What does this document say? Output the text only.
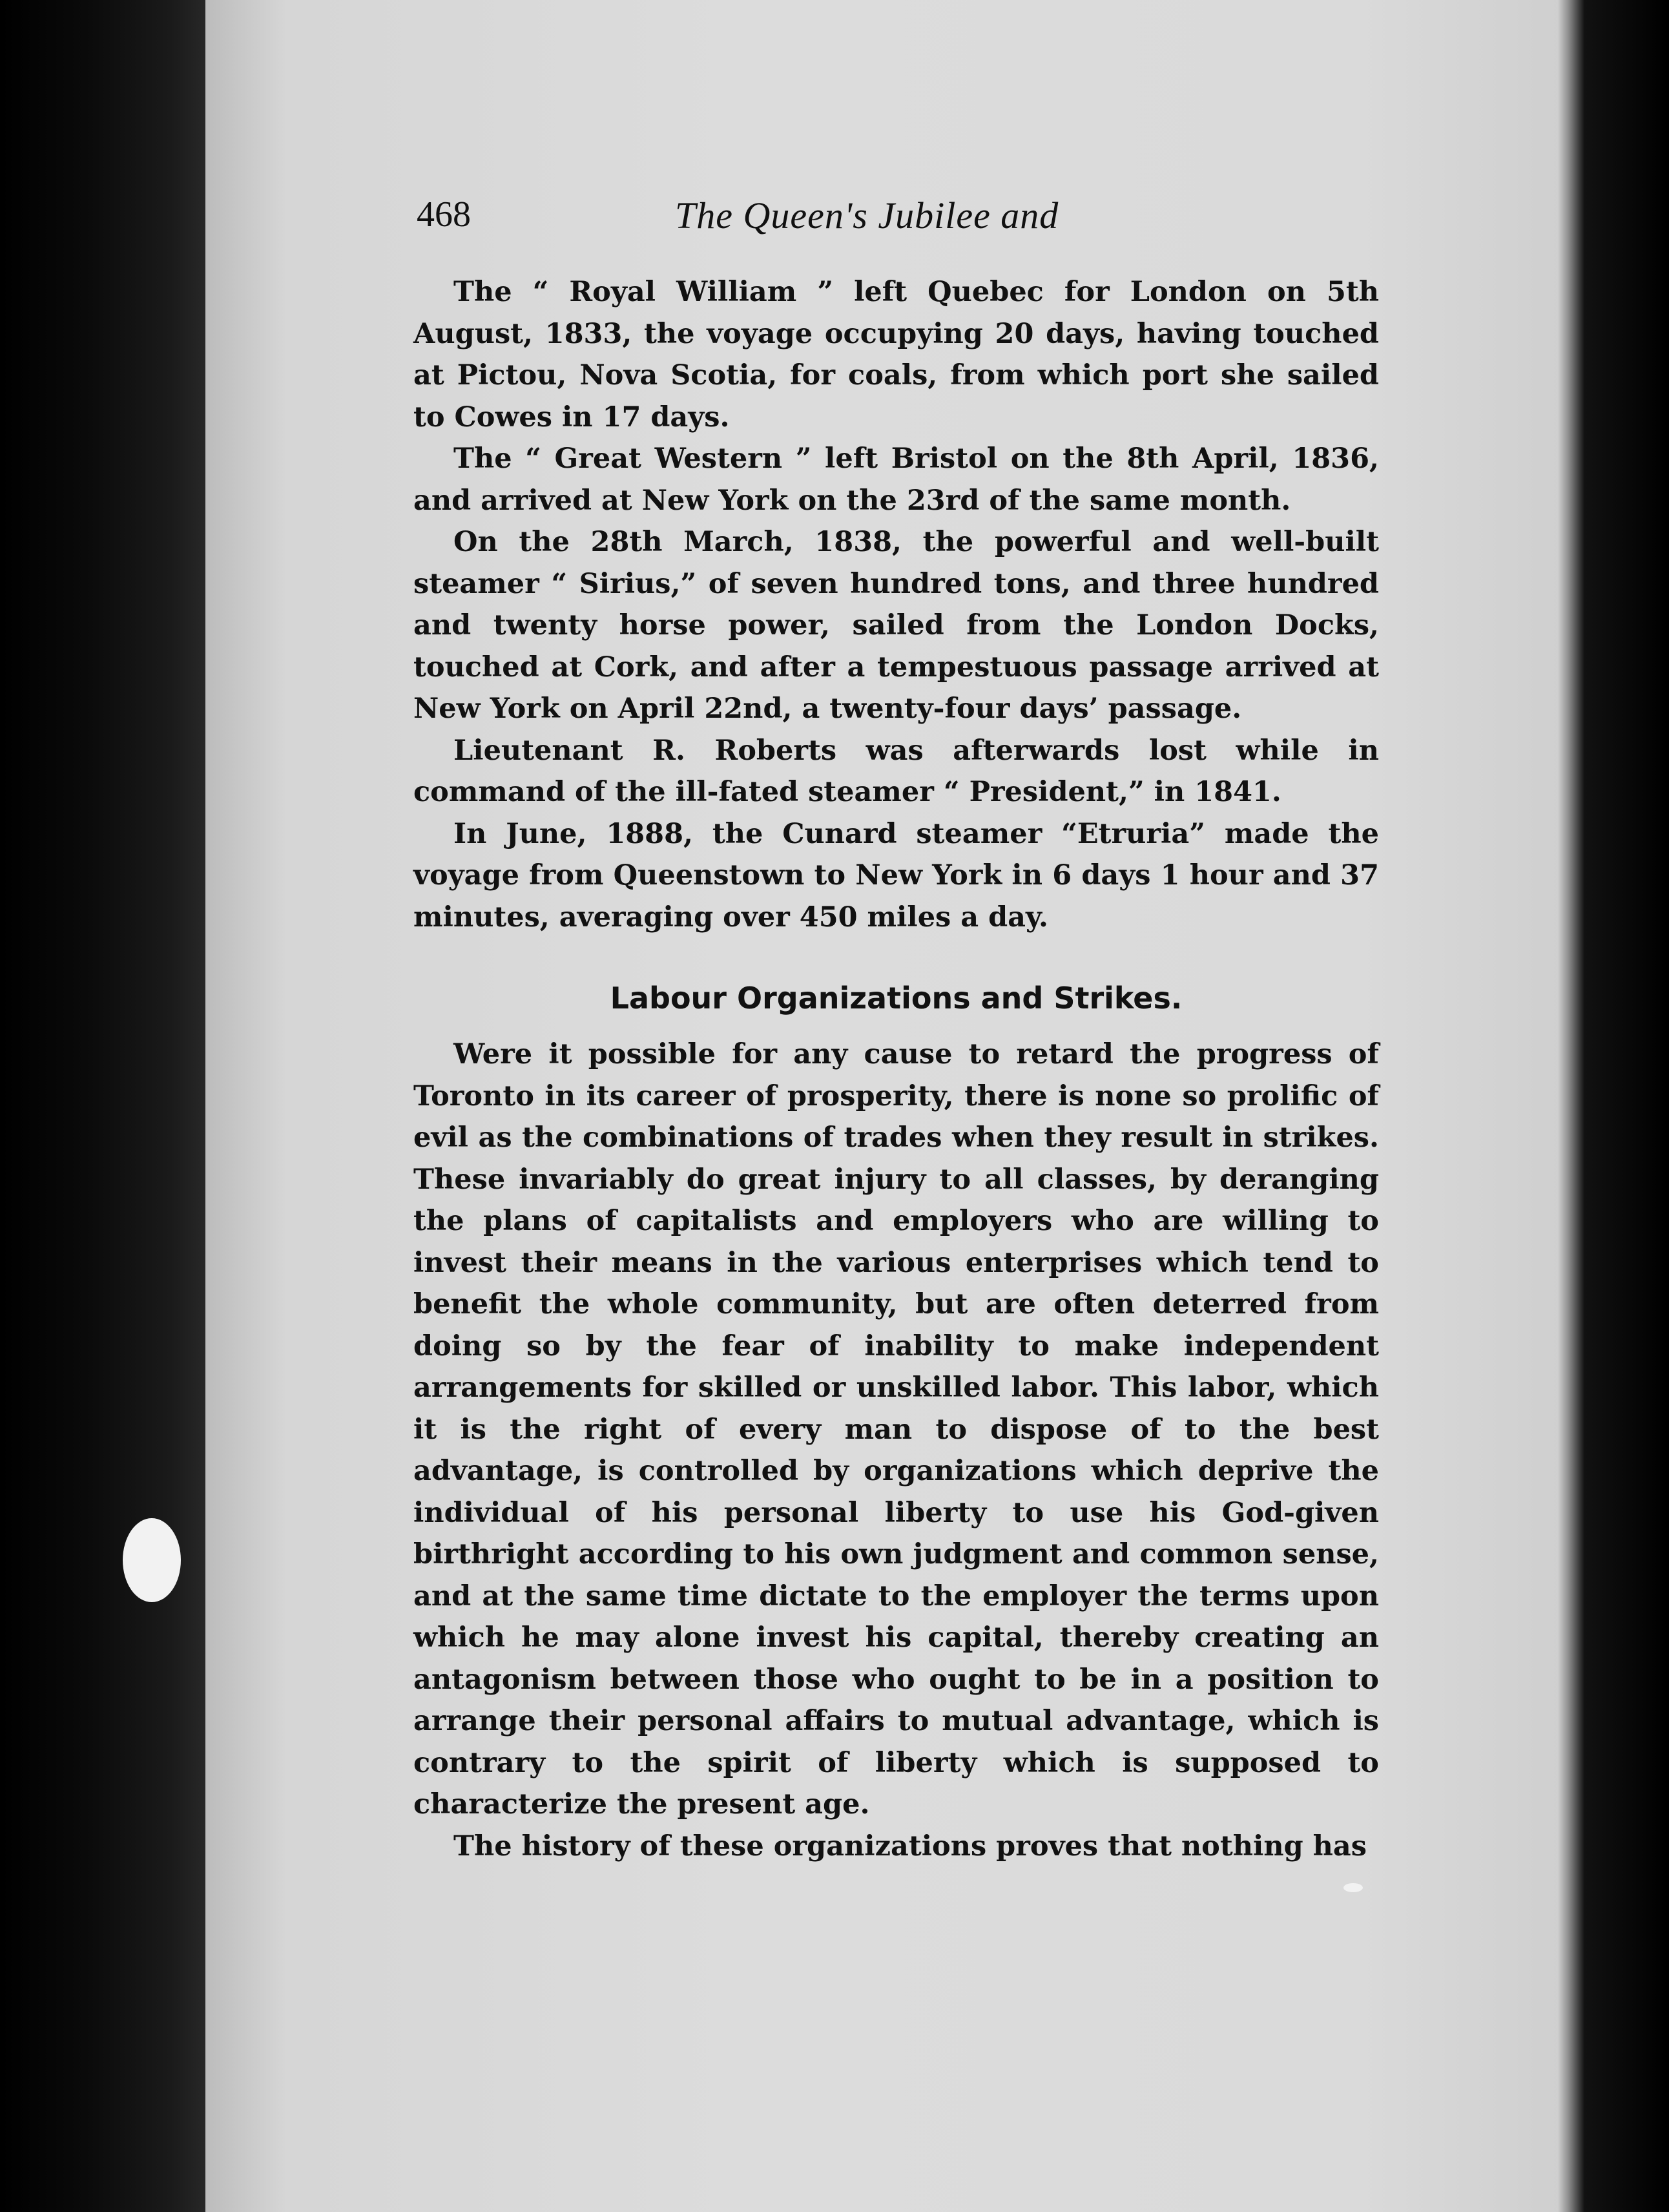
468	The Queen's Jubilee and

The “ Royal William ” left Quebec for London on 5th August, 1833, the voyage occupying 20 days, having touched at Pictou, Nova Scotia, for coals, from which port she sailed to Cowes in 17 days.

The “ Great Western ” left Bristol on the 8th April, 1836, and arrived at New York on the 23rd of the same month.

On the 28th March, 1838, the powerful and well-built steamer “ Sirius,” of seven hundred tons, and three hundred and twenty horse power, sailed from the London Docks, touched at Cork, and after a tempestuous passage arrived at New York on April 22nd, a twenty-four days’ passage.

Lieutenant R. Roberts was afterwards lost while in command of the ill-fated steamer “ President,” in 1841.

In June, 1888, the Cunard steamer “Etruria” made the voyage from Queenstown to New York in 6 days 1 hour and 37 minutes, averaging over 450 miles a day.

Labour Organizations and Strikes.

Were it possible for any cause to retard the progress of Toronto in its career of prosperity, there is none so prolific of evil as the combinations of trades when they result in strikes. These invariably do great injury to all classes, by deranging the plans of capitalists and employers who are willing to invest their means in the various enterprises which tend to benefit the whole community, but are often deterred from doing so by the fear of inability to make independent arrangements for skilled or unskilled labor. This labor, which it is the right of every man to dispose of to the best advantage, is controlled by organizations which deprive the individual of his personal liberty to use his God-given birthright according to his own judgment and common sense, and at the same time dictate to the employer the terms upon which he may alone invest his capital, thereby creating an antagonism between those who ought to be in a position to arrange their personal affairs to mutual advantage, which is contrary to the spirit of liberty which is supposed to characterize the present age.

The history of these organizations proves that nothing has
